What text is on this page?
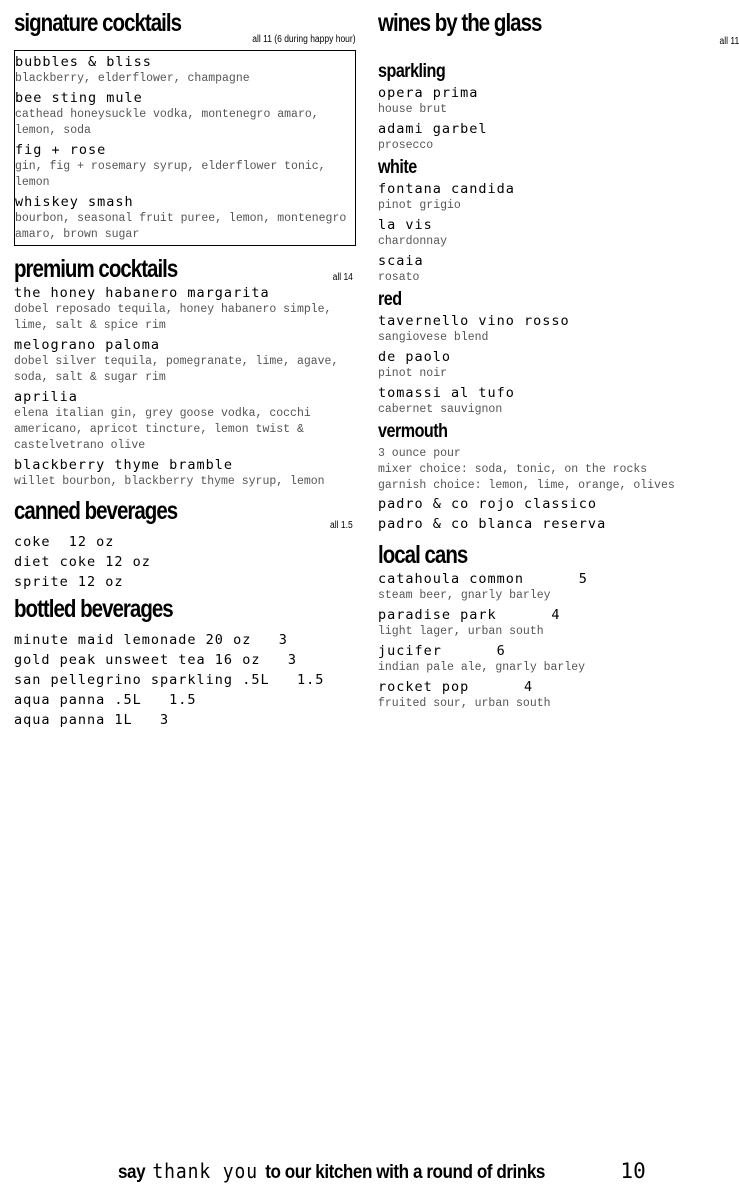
signature cocktails
all 11 (6 during happy hour)
bubbles & bliss
blackberry, elderflower, champagne
bee sting mule
cathead honeysuckle vodka, montenegro amaro, lemon, soda
fig + rose
gin, fig + rosemary syrup, elderflower tonic, lemon
whiskey smash
bourbon, seasonal fruit puree, lemon, montenegro amaro, brown sugar
premium cocktails	all 14
the honey habanero margarita
dobel reposado tequila, honey habanero simple, lime, salt & spice rim
melograno paloma
dobel silver tequila, pomegranate, lime, agave, soda, salt & sugar rim
aprilia
elena italian gin, grey goose vodka, cocchi americano, apricot tincture, lemon twist & castelvetrano olive
blackberry thyme bramble
willet bourbon, blackberry thyme syrup, lemon
canned beverages
all 1.5
coke  12 oz
diet coke 12 oz
sprite 12 oz
bottled beverages
minute maid lemonade 20 oz   3
gold peak unsweet tea 16 oz   3
san pellegrino sparkling .5L   1.5
aqua panna .5L   1.5
aqua panna 1L   3
wines by the glass
all 11
sparkling
opera prima
house brut
adami garbel
prosecco
white
fontana candida
pinot grigio
la vis
chardonnay
scaia
rosato
red
tavernello vino rosso
sangiovese blend
de paolo
pinot noir
tomassi al tufo
cabernet sauvignon
vermouth
3 ounce pour
mixer choice: soda, tonic, on the rocks
garnish choice: lemon, lime, orange, olives
padro & co rojo classico
padro & co blanca reserva
local cans
catahoula common      5
steam beer, gnarly barley
paradise park      4
light lager, urban south
jucifer      6
indian pale ale, gnarly barley
rocket pop      4
fruited sour, urban south
say thank you to our kitchen with a round of drinks	10
